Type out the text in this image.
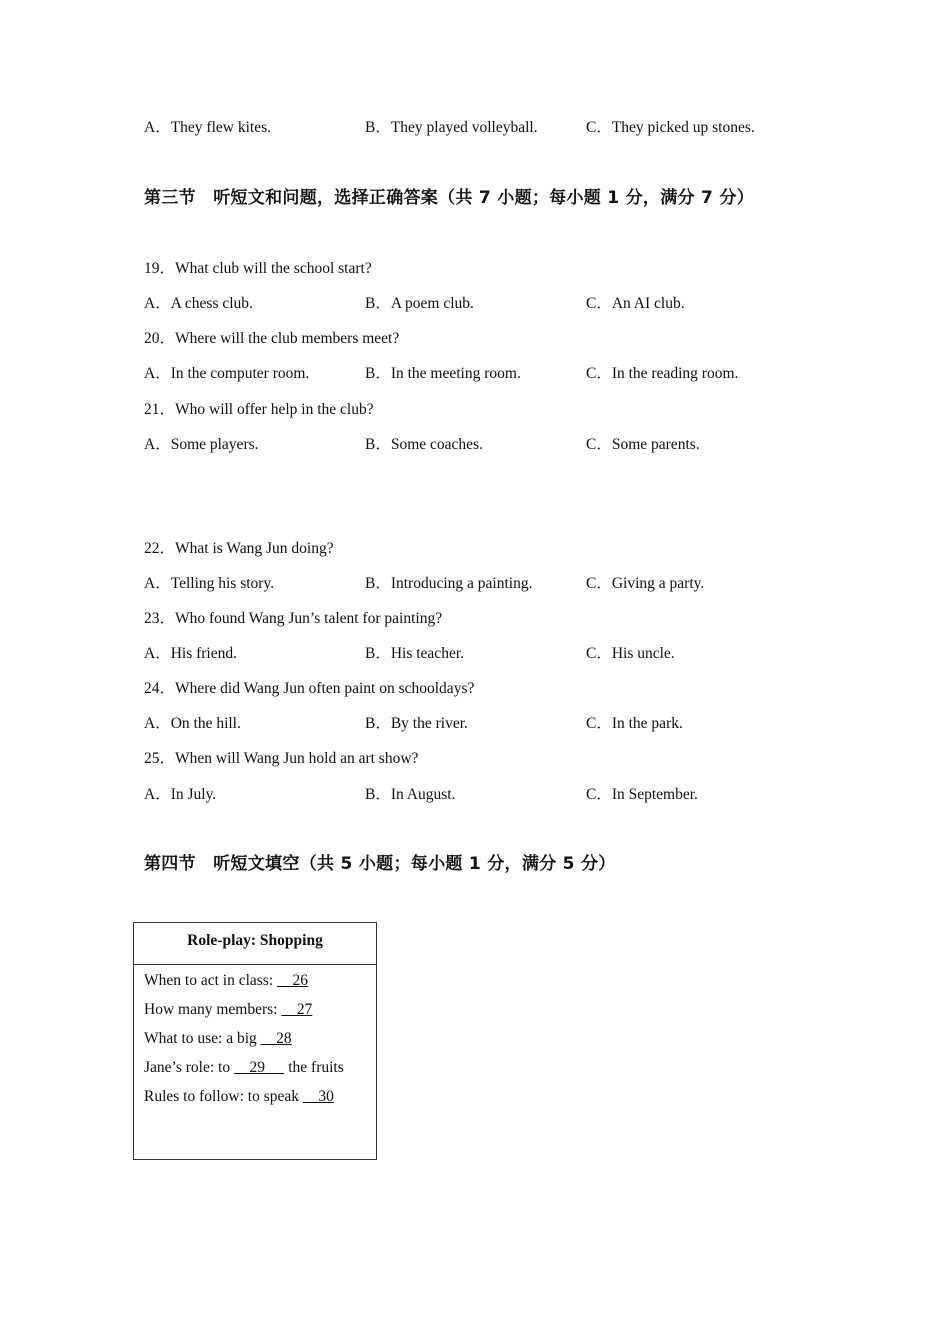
A．They flew kites.	B．They played volleyball.	C．They picked up stones.
第三节　听短文和问题，选择正确答案（共 7 小题；每小题 1 分，满分 7 分）
19．What club will the school start?
A．A chess club.	B．A poem club.	C．An AI club.
20．Where will the club members meet?
A．In the computer room.	B．In the meeting room.	C．In the reading room.
21．Who will offer help in the club?
A．Some players.	B．Some coaches.	C．Some parents.
22．What is Wang Jun doing?
A．Telling his story.	B．Introducing a painting.	C．Giving a party.
23．Who found Wang Jun’s talent for painting?
A．His friend.	B．His teacher.	C．His uncle.
24．Where did Wang Jun often paint on schooldays?
A．On the hill.	B．By the river.	C．In the park.
25．When will Wang Jun hold an art show?
A．In July.	B．In August.	C．In September.
第四节　听短文填空（共 5 小题；每小题 1 分，满分 5 分）
Role-play: Shopping
When to act in class:     26
How many members:     27
What to use: a big     28
Jane’s role: to     29      the fruits
Rules to follow: to speak     30
